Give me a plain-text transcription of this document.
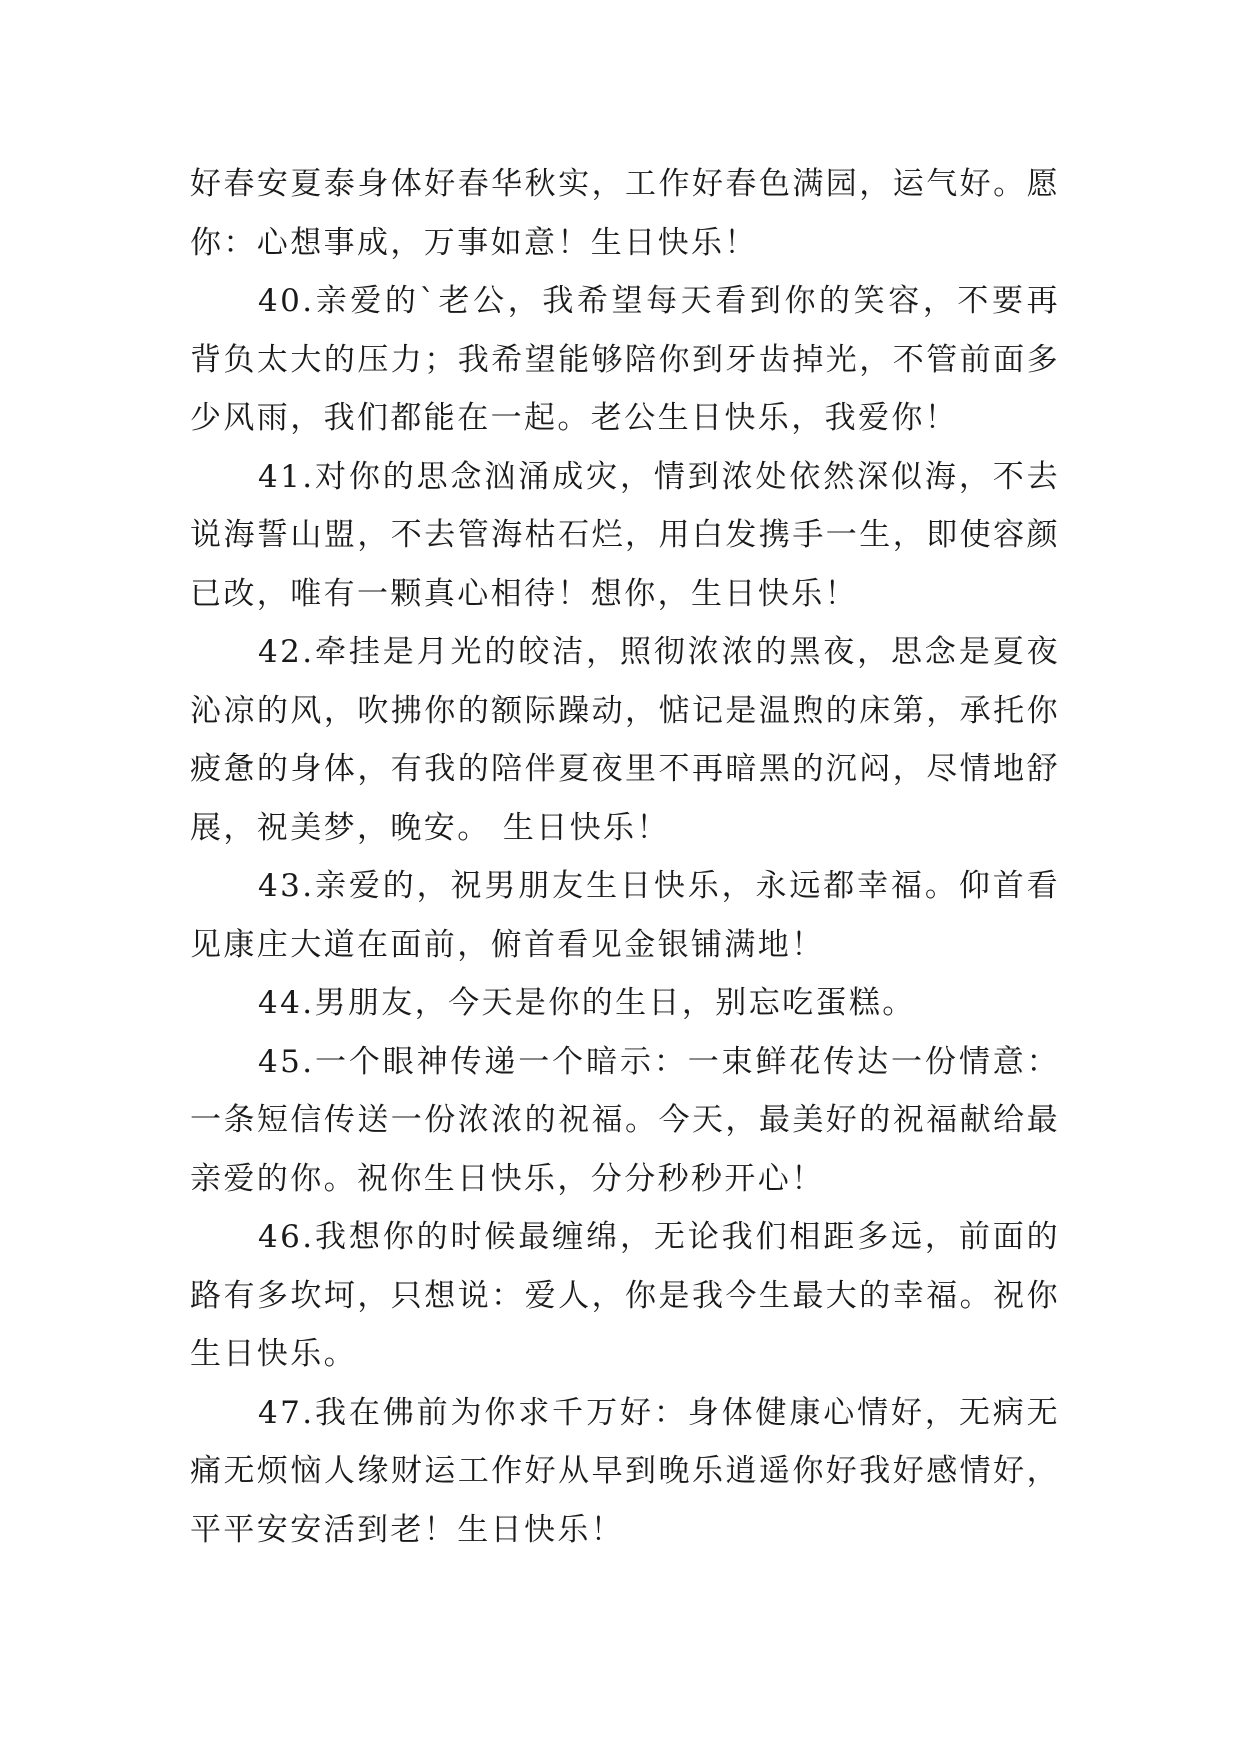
好春安夏泰身体好春华秋实，工作好春色满园，运气好。愿你：心想事成，万事如意！生日快乐！

40.亲爱的`老公，我希望每天看到你的笑容，不要再背负太大的压力；我希望能够陪你到牙齿掉光，不管前面多少风雨，我们都能在一起。老公生日快乐，我爱你！

41.对你的思念汹涌成灾，情到浓处依然深似海，不去说海誓山盟，不去管海枯石烂，用白发携手一生，即使容颜已改，唯有一颗真心相待！想你，生日快乐！

42.牵挂是月光的皎洁，照彻浓浓的黑夜，思念是夏夜沁凉的风，吹拂你的额际躁动，惦记是温煦的床第，承托你疲惫的身体，有我的陪伴夏夜里不再暗黑的沉闷，尽情地舒展，祝美梦，晚安。 生日快乐！

43.亲爱的，祝男朋友生日快乐，永远都幸福。仰首看见康庄大道在面前，俯首看见金银铺满地！

44.男朋友，今天是你的生日，别忘吃蛋糕。

45.一个眼神传递一个暗示：一束鲜花传达一份情意：一条短信传送一份浓浓的祝福。今天，最美好的祝福献给最亲爱的你。祝你生日快乐，分分秒秒开心！

46.我想你的时候最缠绵，无论我们相距多远，前面的路有多坎坷，只想说：爱人，你是我今生最大的幸福。祝你生日快乐。

47.我在佛前为你求千万好：身体健康心情好，无病无痛无烦恼人缘财运工作好从早到晚乐逍遥你好我好感情好，平平安安活到老！生日快乐！
